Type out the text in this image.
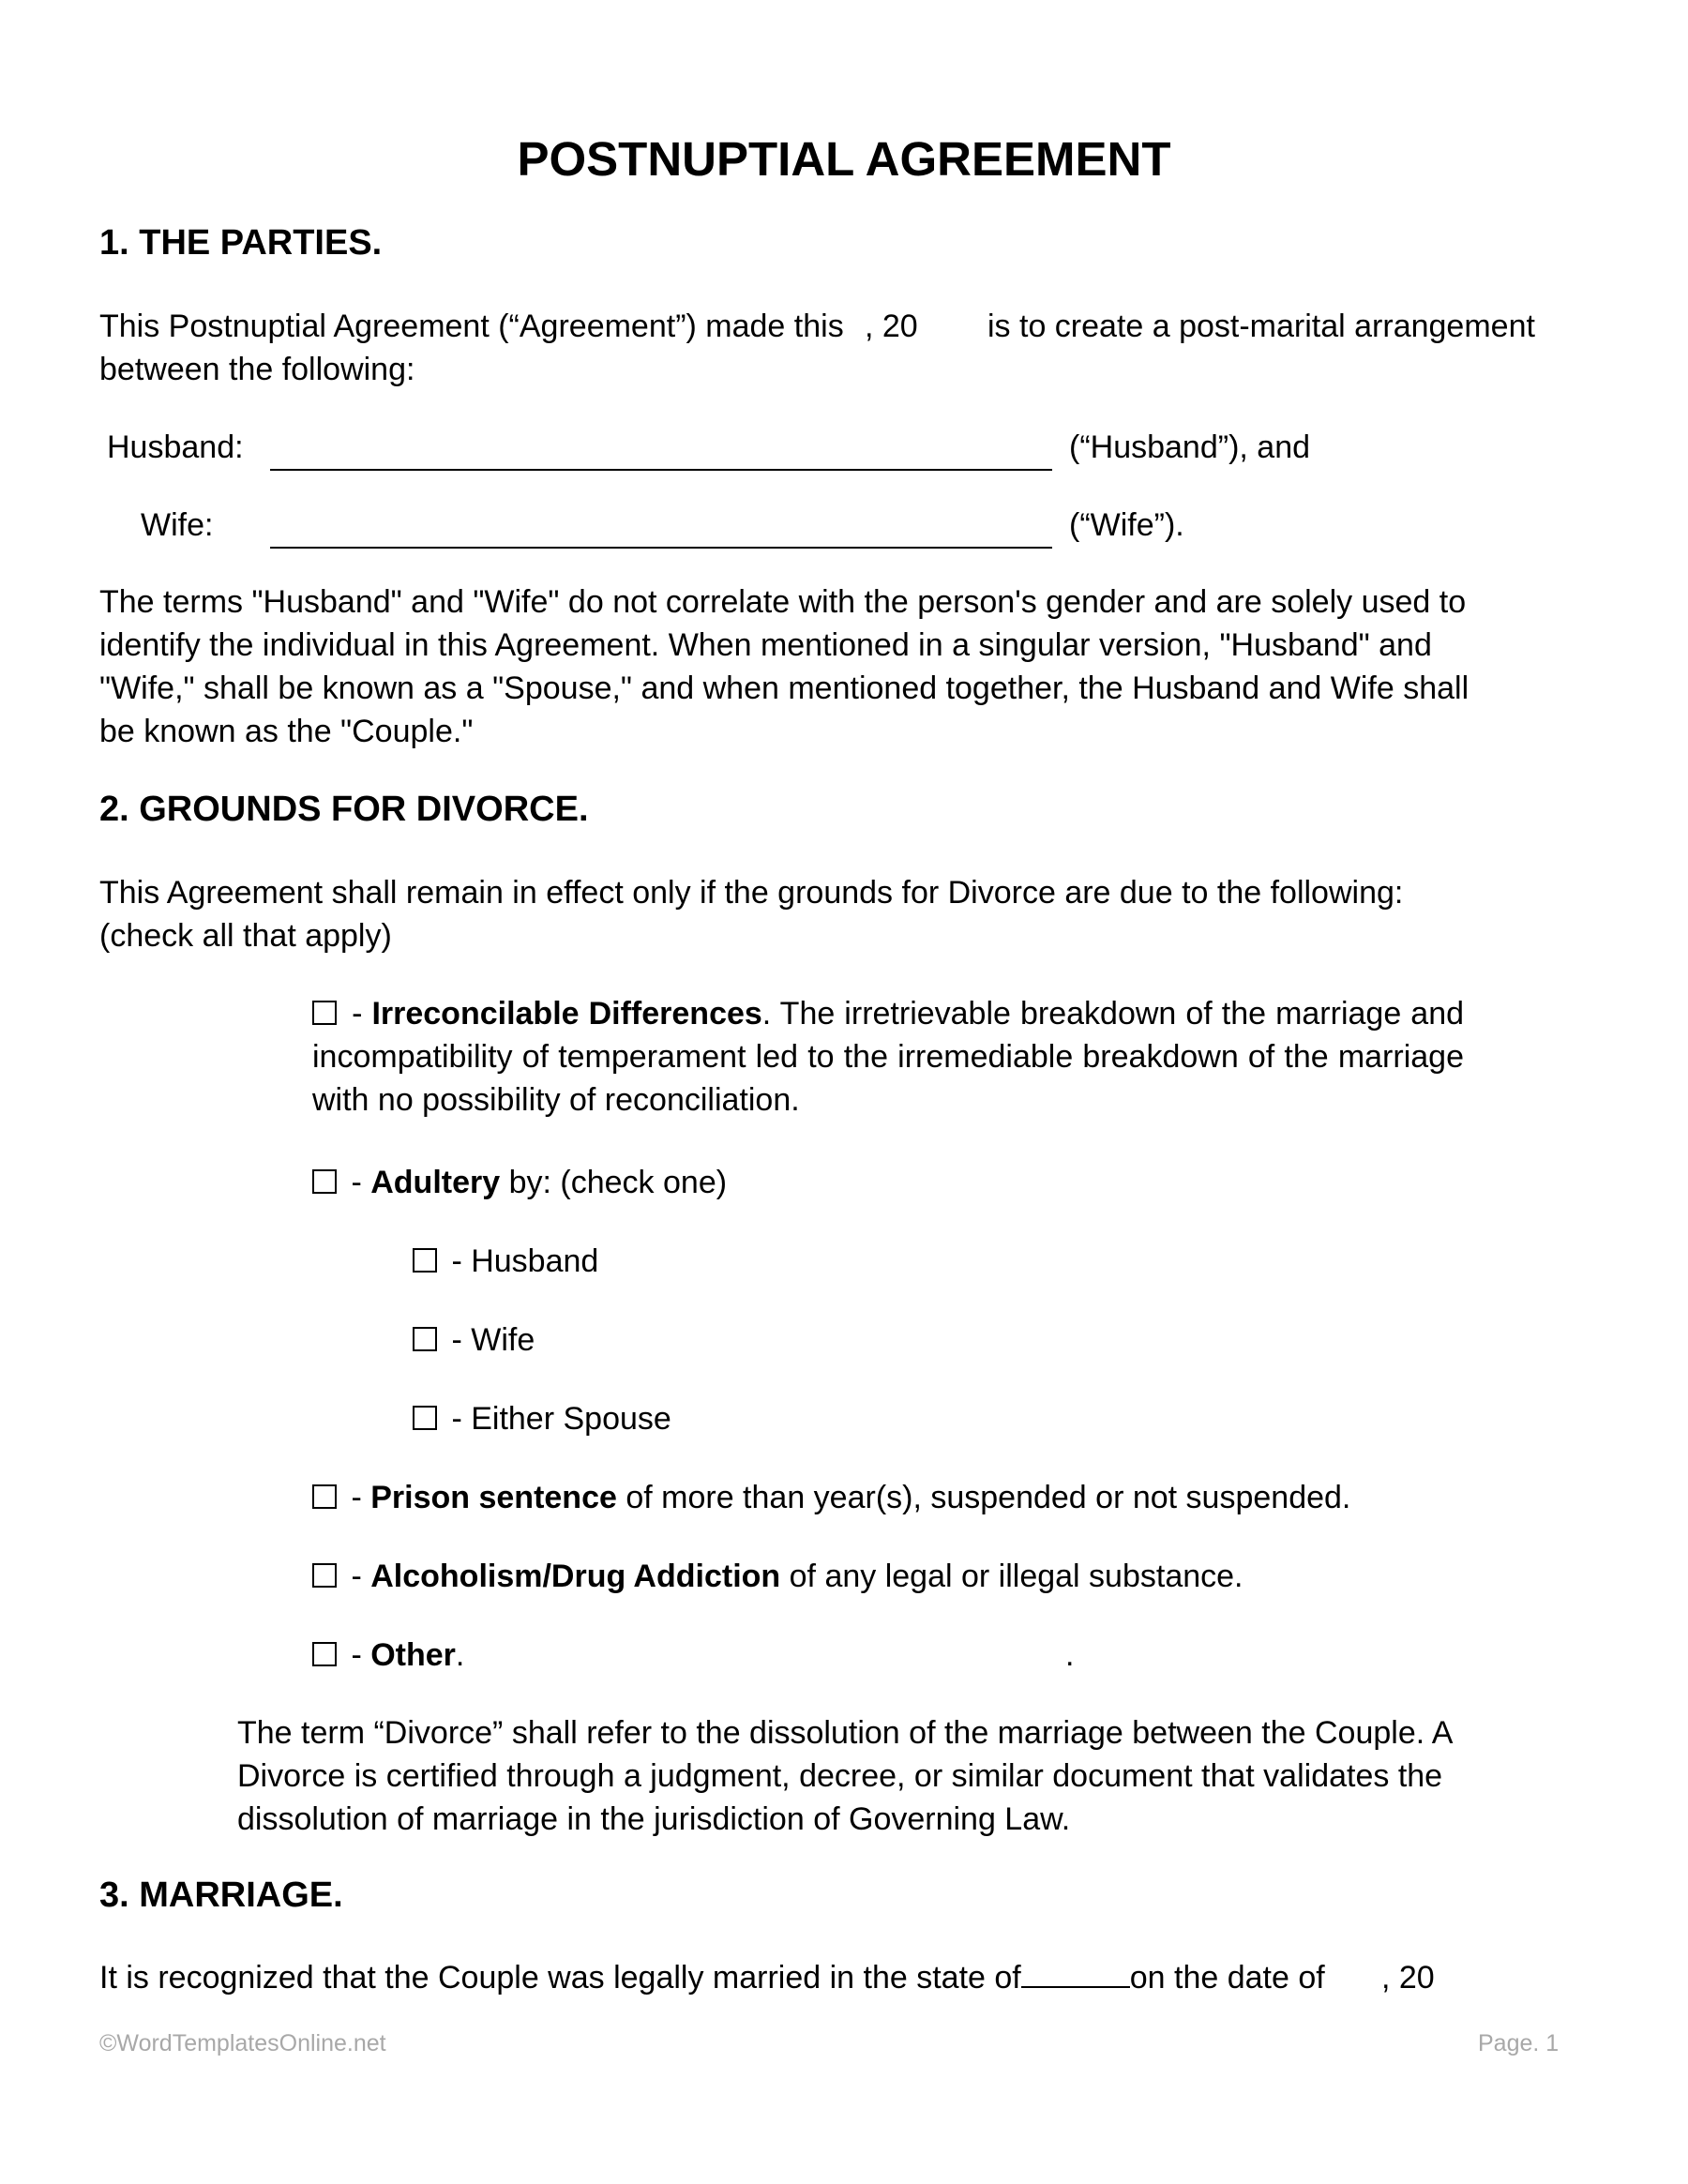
POSTNUPTIAL AGREEMENT
1. THE PARTIES.
This Postnuptial Agreement (“Agreement”) made this , 20 is to create a post-marital arrangement
between the following:
Husband:	(“Husband”), and
Wife:	(“Wife”).
The terms "Husband" and "Wife" do not correlate with the person's gender and are solely used to
identify the individual in this Agreement. When mentioned in a singular version, "Husband" and
"Wife," shall be known as a "Spouse," and when mentioned together, the Husband and Wife shall
be known as the "Couple."
2. GROUNDS FOR DIVORCE.
This Agreement shall remain in effect only if the grounds for Divorce are due to the following:
(check all that apply)
- Irreconcilable Differences. The irretrievable breakdown of the marriage and incompatibility of temperament led to the irremediable breakdown of the marriage with no possibility of reconciliation.
- Adultery by: (check one)
- Husband
- Wife
- Either Spouse
- Prison sentence of more than year(s), suspended or not suspended.
- Alcoholism/Drug Addiction of any legal or illegal substance.
- Other.	.
The term “Divorce” shall refer to the dissolution of the marriage between the Couple. A
Divorce is certified through a judgment, decree, or similar document that validates the
dissolution of marriage in the jurisdiction of Governing Law.
3. MARRIAGE.
It is recognized that the Couple was legally married in the state of	on the date of , 20
©WordTemplatesOnline.net	Page. 1
